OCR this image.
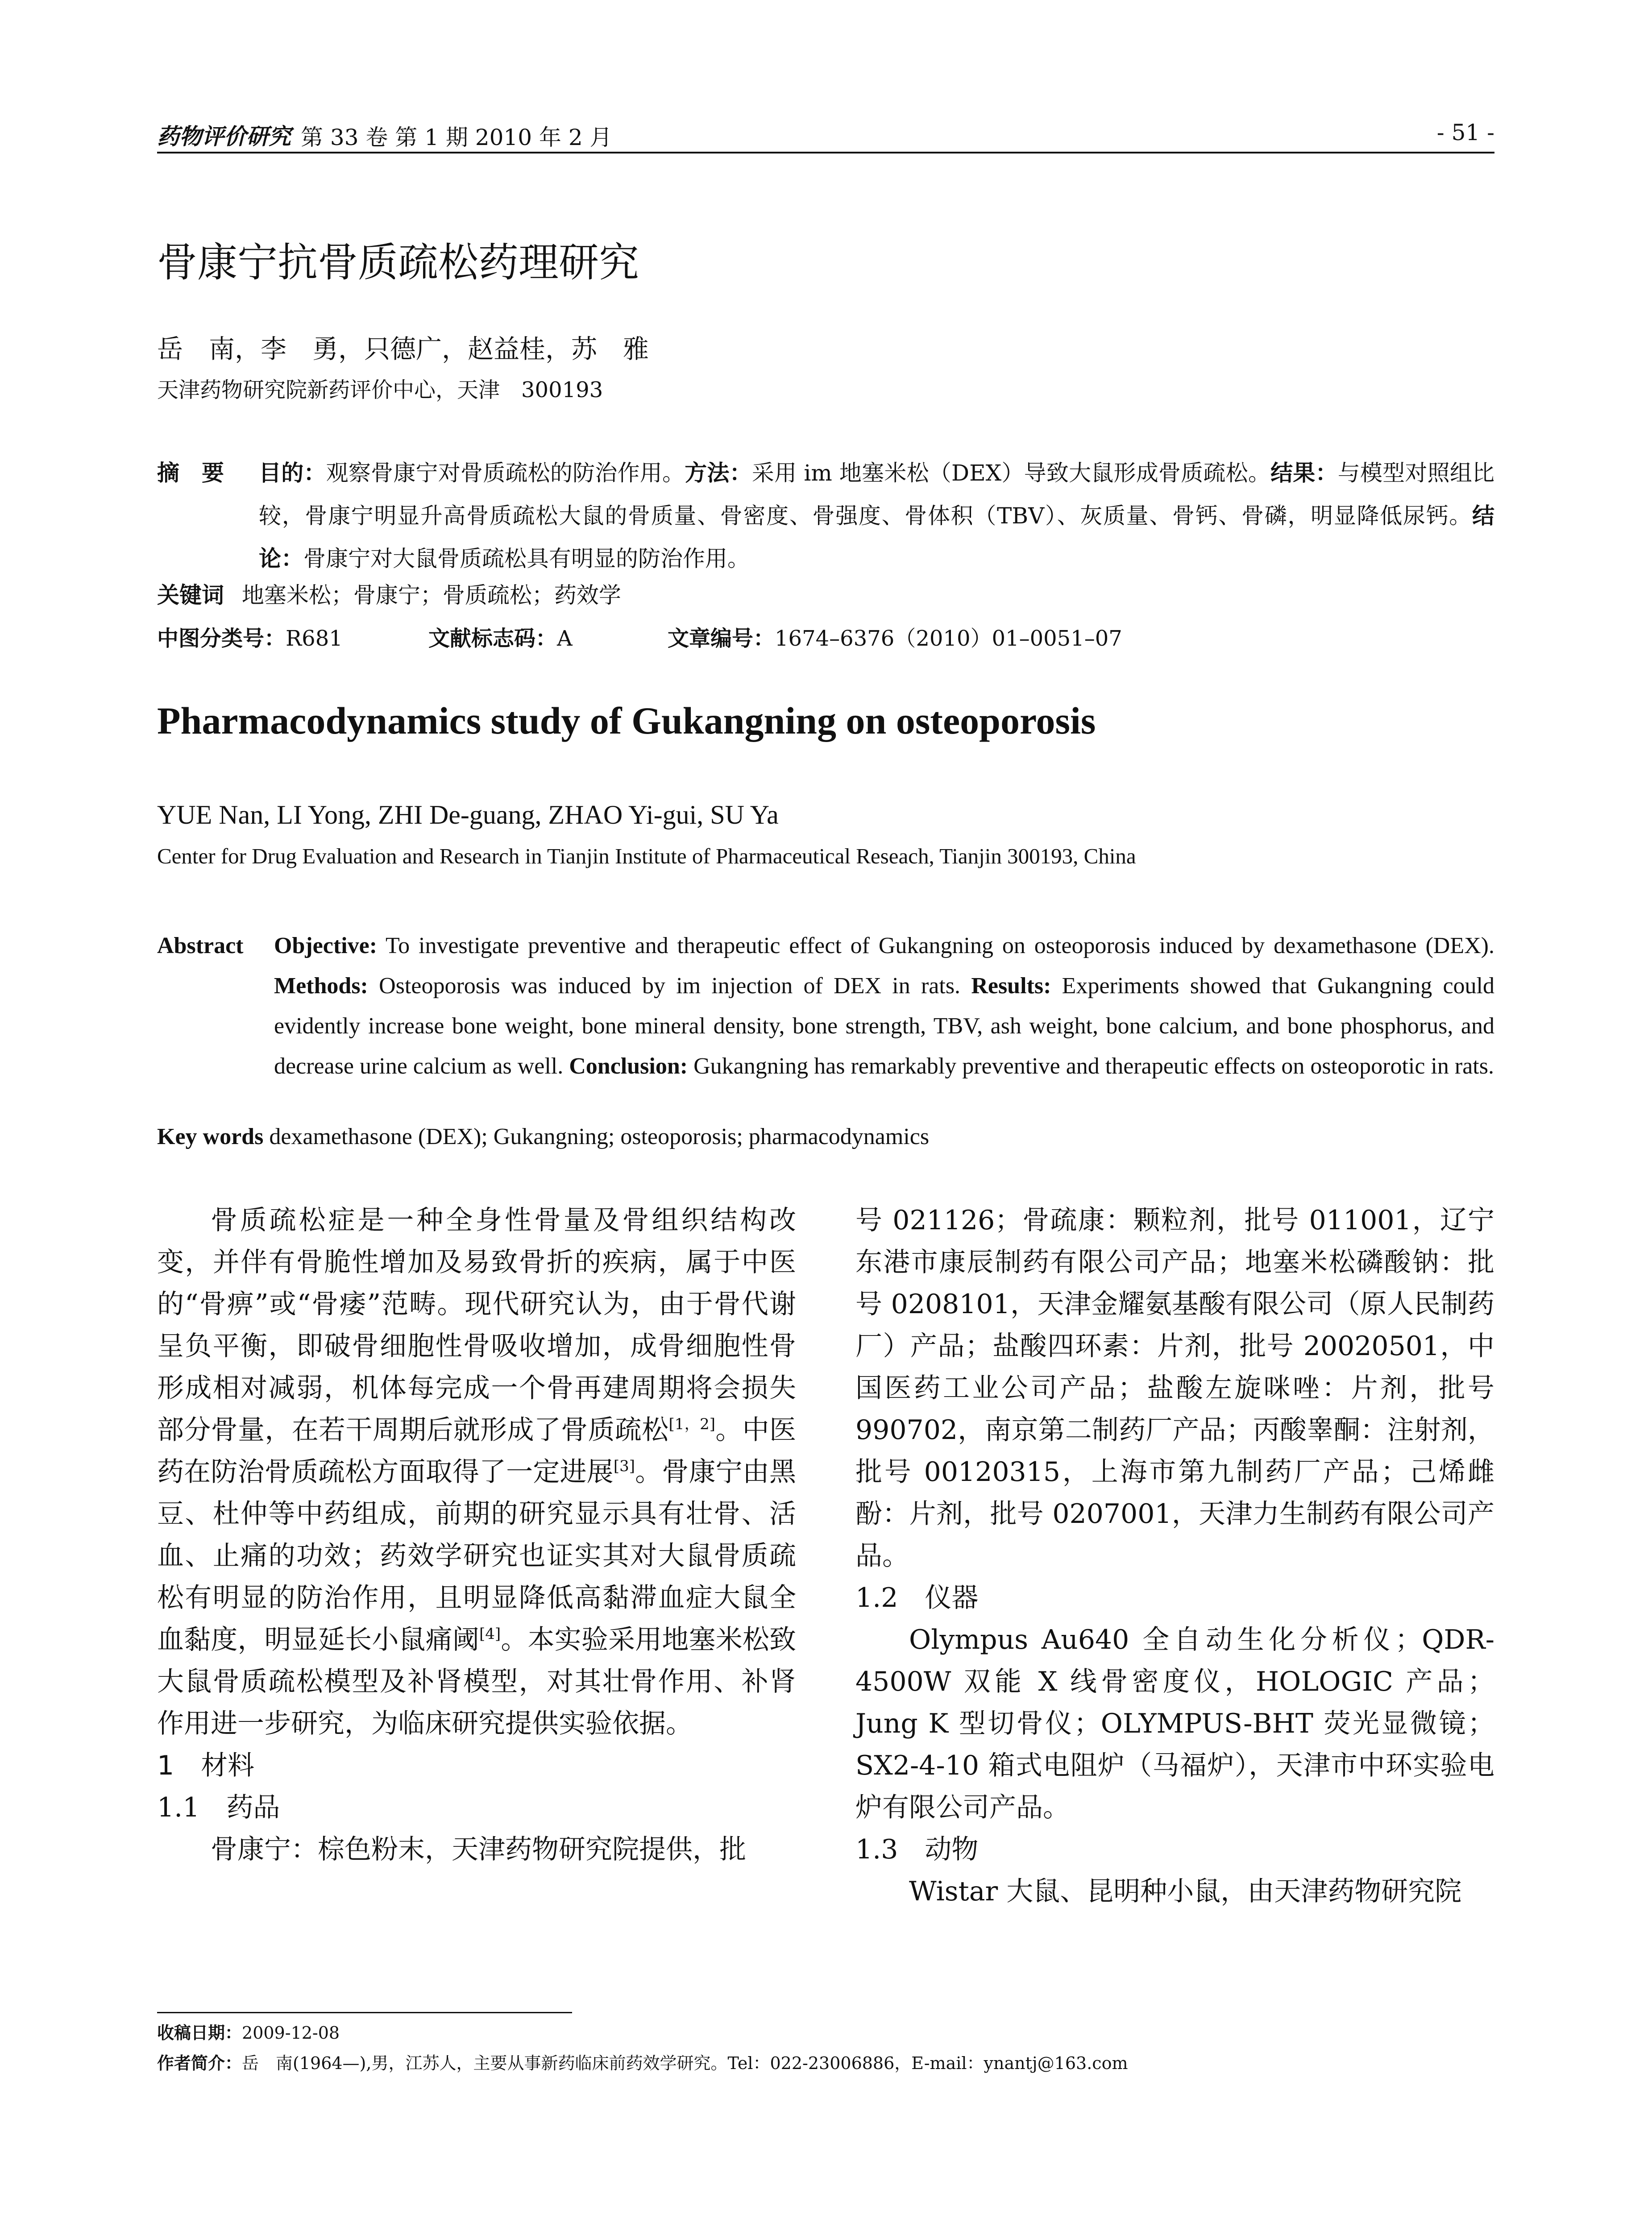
药物评价研究 第 33 卷 第 1 期 2010 年 2 月	- 51 -
骨康宁抗骨质疏松药理研究
岳　南，李　勇，只德广，赵益桂，苏　雅
天津药物研究院新药评价中心，天津　300193
摘　要 目的：观察骨康宁对骨质疏松的防治作用。方法：采用 im 地塞米松（DEX）导致大鼠形成骨质疏松。结果：与模型对照组比较，骨康宁明显升高骨质疏松大鼠的骨质量、骨密度、骨强度、骨体积（TBV）、灰质量、骨钙、骨磷，明显降低尿钙。结论：骨康宁对大鼠骨质疏松具有明显的防治作用。
关键词 地塞米松；骨康宁；骨质疏松；药效学
中图分类号：R681	文献标志码：A	文章编号：1674–6376（2010）01–0051–07
Pharmacodynamics study of Gukangning on osteoporosis
YUE Nan, LI Yong, ZHI De-guang, ZHAO Yi-gui, SU Ya
Center for Drug Evaluation and Research in Tianjin Institute of Pharmaceutical Reseach, Tianjin 300193, China
Abstract Objective: To investigate preventive and therapeutic effect of Gukangning on osteoporosis induced by dexamethasone (DEX). Methods: Osteoporosis was induced by im injection of DEX in rats. Results: Experiments showed that Gukangning could evidently increase bone weight, bone mineral density, bone strength, TBV, ash weight, bone calcium, and bone phosphorus, and decrease urine calcium as well. Conclusion: Gukangning has remarkably preventive and therapeutic effects on osteoporotic in rats.
Key words dexamethasone (DEX); Gukangning; osteoporosis; pharmacodynamics

骨质疏松症是一种全身性骨量及骨组织结构改变，并伴有骨脆性增加及易致骨折的疾病，属于中医的“骨痹”或“骨痿”范畴。现代研究认为，由于骨代谢呈负平衡，即破骨细胞性骨吸收增加，成骨细胞性骨形成相对减弱，机体每完成一个骨再建周期将会损失部分骨量，在若干周期后就形成了骨质疏松[1，2]。中医药在防治骨质疏松方面取得了一定进展[3]。骨康宁由黑豆、杜仲等中药组成，前期的研究显示具有壮骨、活血、止痛的功效；药效学研究也证实其对大鼠骨质疏松有明显的防治作用，且明显降低高黏滞血症大鼠全血黏度，明显延长小鼠痛阈[4]。本实验采用地塞米松致大鼠骨质疏松模型及补肾模型，对其壮骨作用、补肾作用进一步研究，为临床研究提供实验依据。

1　材料

1.1　药品

骨康宁：棕色粉末，天津药物研究院提供，批

号 021126；骨疏康：颗粒剂，批号 011001，辽宁东港市康辰制药有限公司产品；地塞米松磷酸钠：批号 0208101，天津金耀氨基酸有限公司（原人民制药厂）产品；盐酸四环素：片剂，批号 20020501，中国医药工业公司产品；盐酸左旋咪唑：片剂，批号 990702，南京第二制药厂产品；丙酸睾酮：注射剂，批号 00120315，上海市第九制药厂产品；己烯雌酚：片剂，批号 0207001，天津力生制药有限公司产品。

1.2　仪器

Olympus Au640 全自动生化分析仪；QDR-4500W 双能 X 线骨密度仪，HOLOGIC 产品；Jung K 型切骨仪；OLYMPUS-BHT 荧光显微镜；SX2-4-10 箱式电阻炉（马福炉），天津市中环实验电炉有限公司产品。

1.3　动物

Wistar 大鼠、昆明种小鼠，由天津药物研究院

收稿日期：2009-12-08
作者简介：岳　南(1964—),男，江苏人，主要从事新药临床前药效学研究。Tel：022-23006886，E-mail：ynantj@163.com
